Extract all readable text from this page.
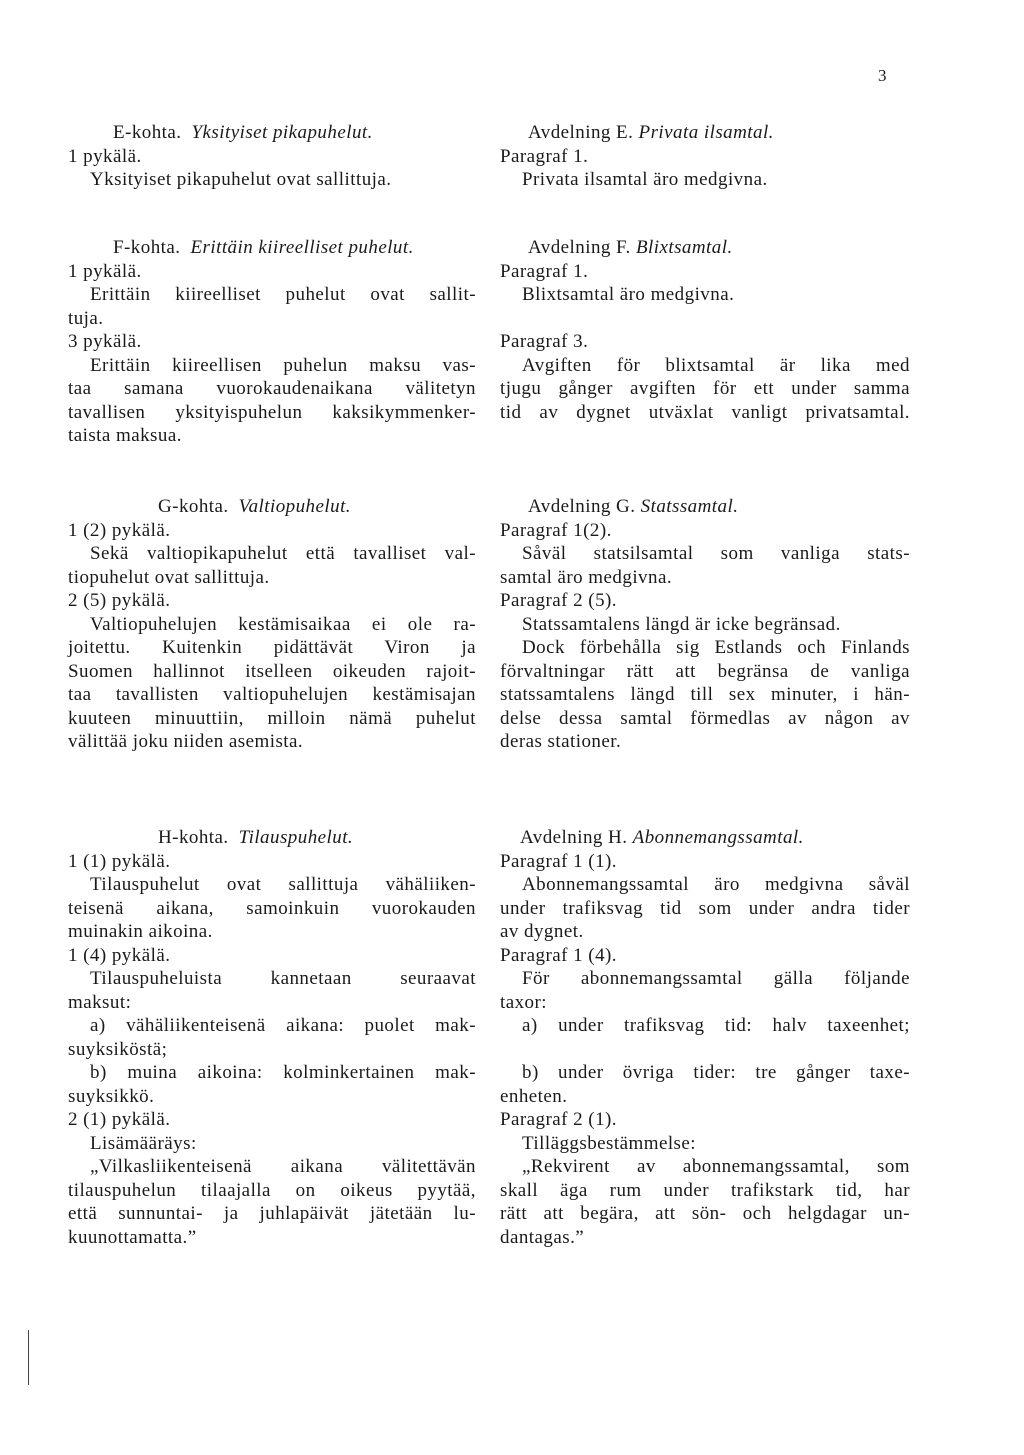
3
E-kohta. Yksityiset pikapuhelut.
1 pykälä.
Yksityiset pikapuhelut ovat sallittuja.
Avdelning E. Privata ilsamtal.
Paragraf 1.
Privata ilsamtal äro medgivna.
F-kohta. Erittäin kiireelliset puhelut.
1 pykälä.
Erittäin kiireelliset puhelut ovat sallit-
tuja.
3 pykälä.
Erittäin kiireellisen puhelun maksu vas-
taa samana vuorokaudenaikana välitetyn
tavallisen yksityispuhelun kaksikymmenker-
taista maksua.
Avdelning F. Blixtsamtal.
Paragraf 1.
Blixtsamtal äro medgivna.
Paragraf 3.
Avgiften för blixtsamtal är lika med
tjugu gånger avgiften för ett under samma
tid av dygnet utväxlat vanligt privatsamtal.
G-kohta. Valtiopuhelut.
1 (2) pykälä.
Sekä valtiopikapuhelut että tavalliset val-
tiopuhelut ovat sallittuja.
2 (5) pykälä.
Valtiopuhelujen kestämisaikaa ei ole ra-
joitettu. Kuitenkin pidättävät Viron ja
Suomen hallinnot itselleen oikeuden rajoit-
taa tavallisten valtiopuhelujen kestämisajan
kuuteen minuuttiin, milloin nämä puhelut
välittää joku niiden asemista.
Avdelning G. Statssamtal.
Paragraf 1(2).
Såväl statsilsamtal som vanliga stats-
samtal äro medgivna.
Paragraf 2 (5).
Statssamtalens längd är icke begränsad.
Dock förbehålla sig Estlands och Finlands
förvaltningar rätt att begränsa de vanliga
statssamtalens längd till sex minuter, i hän-
delse dessa samtal förmedlas av någon av
deras stationer.
H-kohta. Tilauspuhelut.
1 (1) pykälä.
Tilauspuhelut ovat sallittuja vähäliiken-
teisenä aikana, samoinkuin vuorokauden
muinakin aikoina.
1 (4) pykälä.
Tilauspuheluista kannetaan seuraavat
maksut:
a) vähäliikenteisenä aikana: puolet mak-
suyksiköstä;
b) muina aikoina: kolminkertainen mak-
suyksikkö.
2 (1) pykälä.
Lisämääräys:
„Vilkasliikenteisenä aikana välitettävän
tilauspuhelun tilaajalla on oikeus pyytää,
että sunnuntai- ja juhlapäivät jätetään lu-
kuunottamatta.”
Avdelning H. Abonnemangssamtal.
Paragraf 1 (1).
Abonnemangssamtal äro medgivna såväl
under trafiksvag tid som under andra tider
av dygnet.
Paragraf 1 (4).
För abonnemangssamtal gälla följande
taxor:
a) under trafiksvag tid: halv taxeenhet;
b) under övriga tider: tre gånger taxe-
enheten.
Paragraf 2 (1).
Tilläggsbestämmelse:
„Rekvirent av abonnemangssamtal, som
skall äga rum under trafikstark tid, har
rätt att begära, att sön- och helgdagar un-
dantagas.”
